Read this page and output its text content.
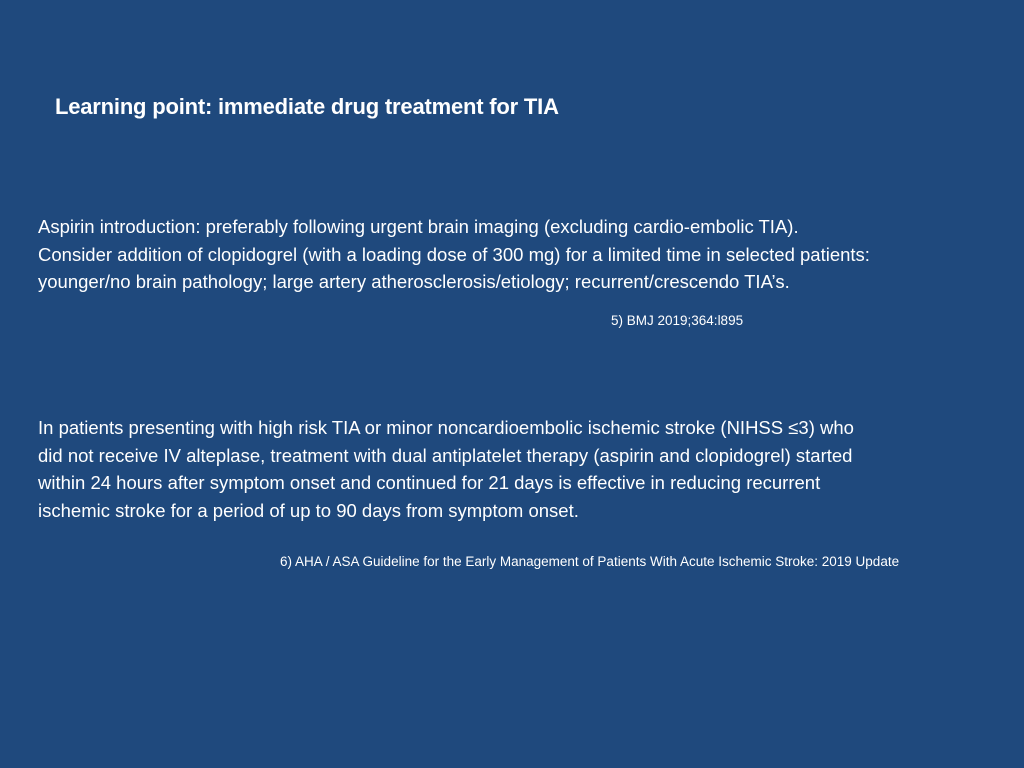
Learning point: immediate drug treatment for TIA

Aspirin introduction: preferably following urgent brain imaging (excluding cardio-embolic TIA).

Consider addition of clopidogrel (with a loading dose of 300 mg) for a limited time in selected patients:

younger/no brain pathology; large artery atherosclerosis/etiology; recurrent/crescendo TIA’s.

5) BMJ 2019;364:l895

In patients presenting with high risk TIA or minor noncardioembolic ischemic stroke (NIHSS ≤3) who

did not receive IV alteplase, treatment with dual antiplatelet therapy (aspirin and clopidogrel) started

within 24 hours after symptom onset and continued for 21 days is effective in reducing recurrent

ischemic stroke for a period of up to 90 days from symptom onset.

6) AHA / ASA Guideline for the Early Management of Patients With Acute Ischemic Stroke: 2019 Update
